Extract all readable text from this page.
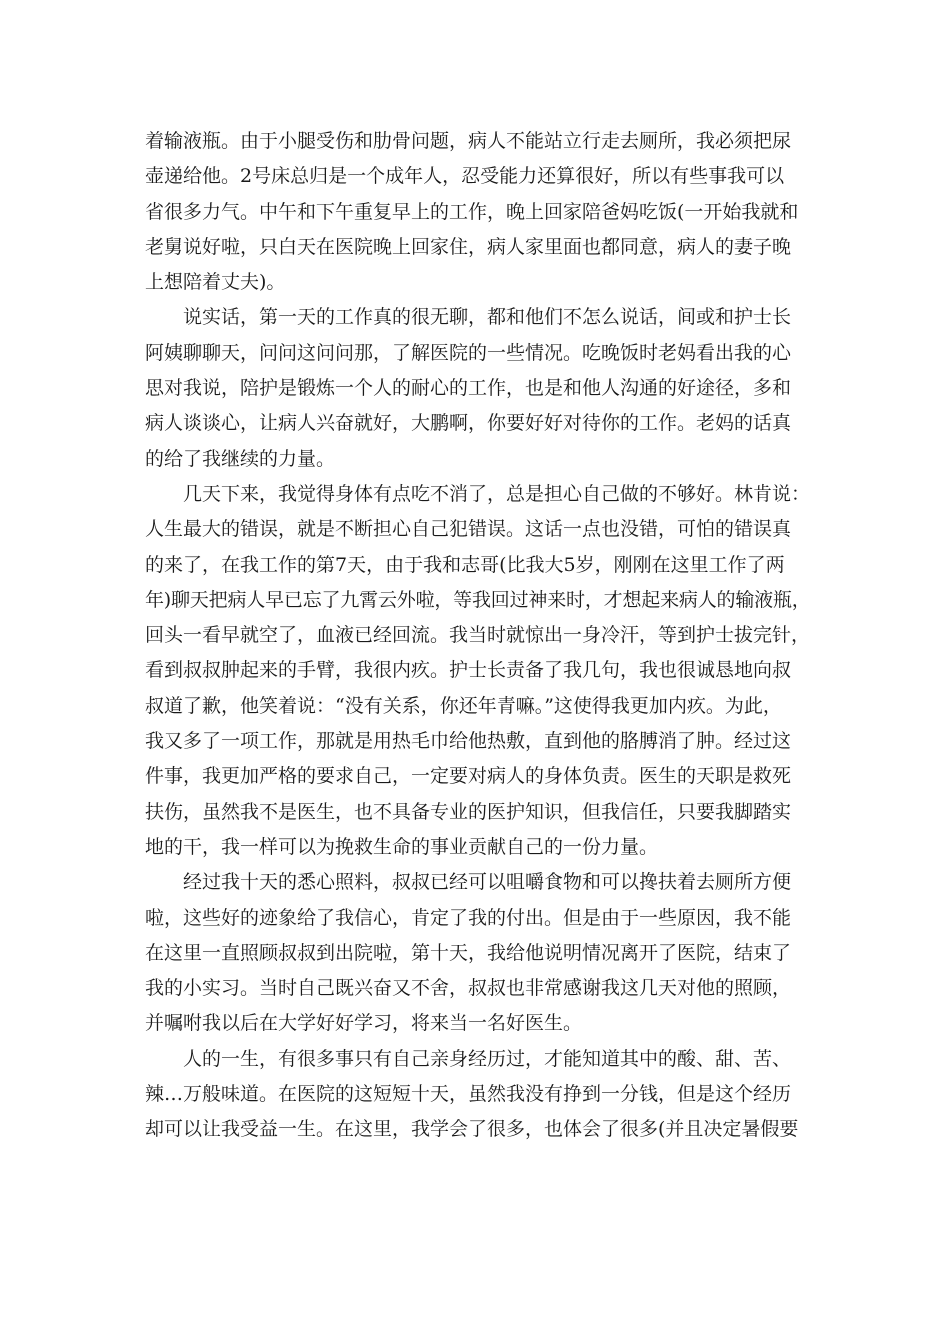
着输液瓶。由于小腿受伤和肋骨问题，病人不能站立行走去厕所，我必须把尿
壶递给他。2号床总归是一个成年人，忍受能力还算很好，所以有些事我可以
省很多力气。中午和下午重复早上的工作，晚上回家陪爸妈吃饭(一开始我就和
老舅说好啦，只白天在医院晚上回家住，病人家里面也都同意，病人的妻子晚
上想陪着丈夫)。
说实话，第一天的工作真的很无聊，都和他们不怎么说话，间或和护士长
阿姨聊聊天，问问这问问那，了解医院的一些情况。吃晚饭时老妈看出我的心
思对我说，陪护是锻炼一个人的耐心的工作，也是和他人沟通的好途径，多和
病人谈谈心，让病人兴奋就好，大鹏啊，你要好好对待你的工作。老妈的话真
的给了我继续的力量。
几天下来，我觉得身体有点吃不消了，总是担心自己做的不够好。林肯说：
人生最大的错误，就是不断担心自己犯错误。这话一点也没错，可怕的错误真
的来了，在我工作的第7天，由于我和志哥(比我大5岁，刚刚在这里工作了两
年)聊天把病人早已忘了九霄云外啦，等我回过神来时，才想起来病人的输液瓶，
回头一看早就空了，血液已经回流。我当时就惊出一身冷汗，等到护士拔完针，
看到叔叔肿起来的手臂，我很内疚。护士长责备了我几句，我也很诚恳地向叔
叔道了歉，他笑着说：“没有关系，你还年青嘛。”这使得我更加内疚。为此，
我又多了一项工作，那就是用热毛巾给他热敷，直到他的胳膊消了肿。经过这
件事，我更加严格的要求自己，一定要对病人的身体负责。医生的天职是救死
扶伤，虽然我不是医生，也不具备专业的医护知识，但我信任，只要我脚踏实
地的干，我一样可以为挽救生命的事业贡献自己的一份力量。
经过我十天的悉心照料，叔叔已经可以咀嚼食物和可以搀扶着去厕所方便
啦，这些好的迹象给了我信心，肯定了我的付出。但是由于一些原因，我不能
在这里一直照顾叔叔到出院啦，第十天，我给他说明情况离开了医院，结束了
我的小实习。当时自己既兴奋又不舍，叔叔也非常感谢我这几天对他的照顾，
并嘱咐我以后在大学好好学习，将来当一名好医生。
人的一生，有很多事只有自己亲身经历过，才能知道其中的酸、甜、苦、
辣…万般味道。在医院的这短短十天，虽然我没有挣到一分钱，但是这个经历
却可以让我受益一生。在这里，我学会了很多，也体会了很多(并且决定暑假要
